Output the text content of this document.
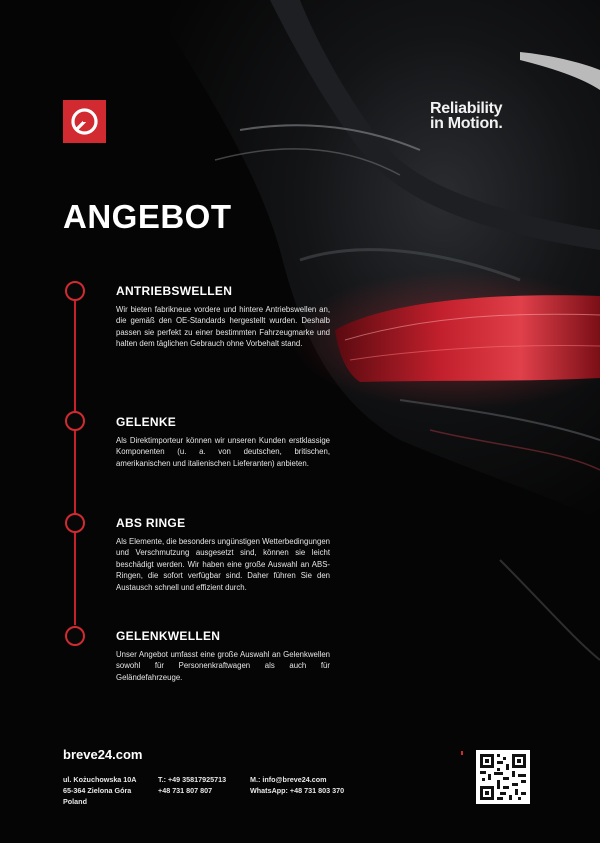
Reliability
in Motion.
ANGEBOT
ANTRIEBSWELLEN

Wir bieten fabrikneue vordere und hintere Antriebswellen an, die gemäß den OE-Standards hergestellt wurden. Deshalb passen sie perfekt zu einer bestimmten Fahrzeugmarke und halten dem täglichen Gebrauch ohne Vorbehalt stand.

GELENKE

Als Direktimporteur können wir unseren Kunden erstklassige Komponenten (u. a. von deutschen, britischen, amerikanischen und italienischen Lieferanten) anbieten.

ABS RINGE

Als Elemente, die besonders ungünstigen Wetterbedingungen und Verschmutzung ausgesetzt sind, können sie leicht beschädigt werden. Wir haben eine große Auswahl an ABS-Ringen, die sofort verfügbar sind. Daher führen Sie den Austausch schnell und effizient durch.

GELENKWELLEN

Unser Angebot umfasst eine große Auswahl an Gelenkwellen sowohl für Personenkraftwagen als auch für Geländefahrzeuge.

breve24.com
ul. Kożuchowska 10A
65-364 Zielona Góra
Poland
T.: +49 35817925713
+48 731 807 807
M.: info@breve24.com
WhatsApp: +48 731 803 370
